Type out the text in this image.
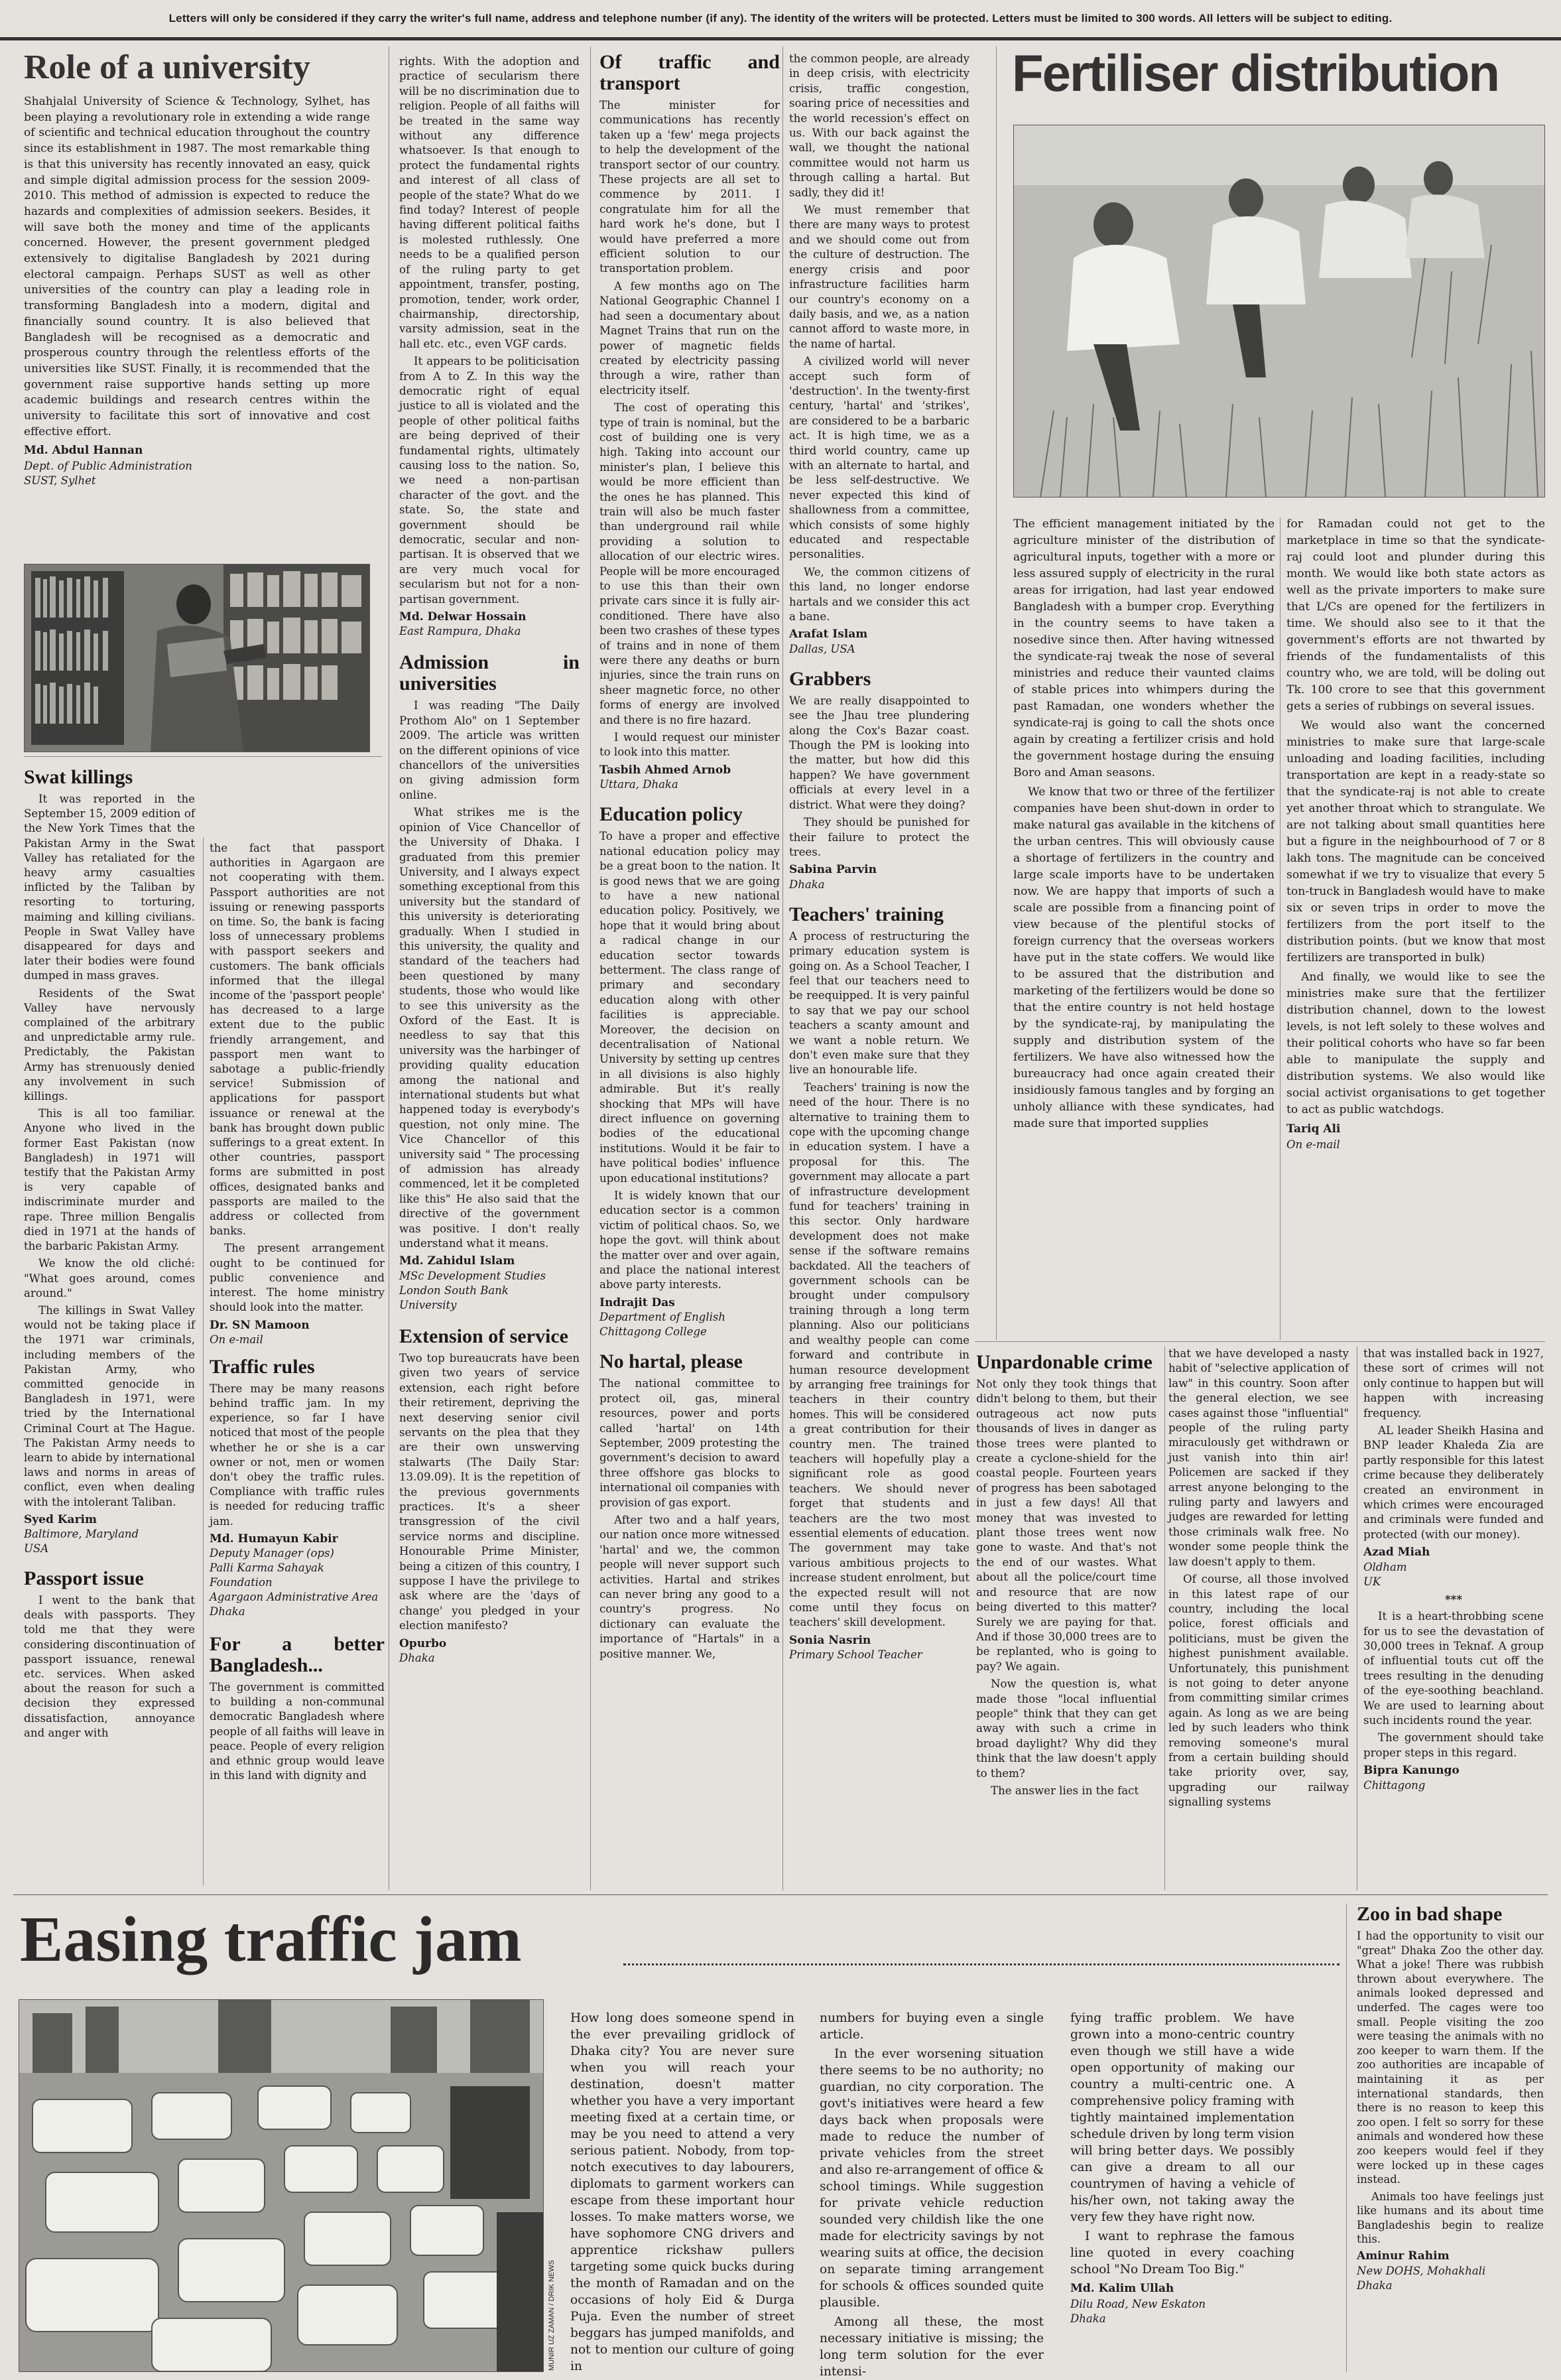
Letters will only be considered if they carry the writer's full name, address and telephone number (if any). The identity of the writers will be protected. Letters must be limited to 300 words. All letters will be subject to editing.
Role of a university

Shahjalal University of Science & Technology, Sylhet, has been playing a revolutionary role in extending a wide range of scientific and technical education throughout the country since its establishment in 1987. The most remarkable thing is that this university has recently innovated an easy, quick and simple digital admission process for the session 2009-2010. This method of admission is expected to reduce the hazards and complexities of admission seekers. Besides, it will save both the money and time of the applicants concerned. However, the present government pledged extensively to digitalise Bangladesh by 2021 during electoral campaign. Perhaps SUST as well as other universities of the country can play a leading role in transforming Bangladesh into a modern, digital and financially sound country. It is also believed that Bangladesh will be recognised as a democratic and prosperous country through the relentless efforts of the universities like SUST. Finally, it is recommended that the government raise supportive hands setting up more academic buildings and research centres within the university to facilitate this sort of innovative and cost effective effort.

Md. Abdul Hannan
Dept. of Public Administration
SUST, Sylhet
Swat killings

It was reported in the September 15, 2009 edition of the New York Times that the Pakistan Army in the Swat Valley has retaliated for the heavy army casualties inflicted by the Taliban by resorting to torturing, maiming and killing civilians. People in Swat Valley have disappeared for days and later their bodies were found dumped in mass graves.

Residents of the Swat Valley have nervously complained of the arbitrary and unpredictable army rule. Predictably, the Pakistan Army has strenuously denied any involvement in such killings.

This is all too familiar. Anyone who lived in the former East Pakistan (now Bangladesh) in 1971 will testify that the Pakistan Army is very capable of indiscriminate murder and rape. Three million Bengalis died in 1971 at the hands of the barbaric Pakistan Army.

We know the old cliché: "What goes around, comes around."

The killings in Swat Valley would not be taking place if the 1971 war criminals, including members of the Pakistan Army, who committed genocide in Bangladesh in 1971, were tried by the International Criminal Court at The Hague. The Pakistan Army needs to learn to abide by international laws and norms in areas of conflict, even when dealing with the intolerant Taliban.

Syed Karim
Baltimore, Maryland
USA
Passport issue

I went to the bank that deals with passports. They told me that they were considering discontinuation of passport issuance, renewal etc. services. When asked about the reason for such a decision they expressed dissatisfaction, annoyance and anger with

the fact that passport authorities in Agargaon are not cooperating with them. Passport authorities are not issuing or renewing passports on time. So, the bank is facing loss of unnecessary problems with passport seekers and customers. The bank officials informed that the illegal income of the 'passport people' has decreased to a large extent due to the public friendly arrangement, and passport men want to sabotage a public-friendly service! Submission of applications for passport issuance or renewal at the bank has brought down public sufferings to a great extent. In other countries, passport forms are submitted in post offices, designated banks and passports are mailed to the address or collected from banks.

The present arrangement ought to be continued for public convenience and interest. The home ministry should look into the matter.

Dr. SN Mamoon
On e-mail
Traffic rules

There may be many reasons behind traffic jam. In my experience, so far I have noticed that most of the people whether he or she is a car owner or not, men or women don't obey the traffic rules. Compliance with traffic rules is needed for reducing traffic jam.

Md. Humayun Kabir
Deputy Manager (ops)
Palli Karma Sahayak
Foundation
Agargaon Administrative Area
Dhaka
For a better Bangladesh...

The government is committed to building a non-communal democratic Bangladesh where people of all faiths will leave in peace. People of every religion and ethnic group would leave in this land with dignity and

rights. With the adoption and practice of secularism there will be no discrimination due to religion. People of all faiths will be treated in the same way without any difference whatsoever. Is that enough to protect the fundamental rights and interest of all class of people of the state? What do we find today? Interest of people having different political faiths is molested ruthlessly. One needs to be a qualified person of the ruling party to get appointment, transfer, posting, promotion, tender, work order, chairmanship, directorship, varsity admission, seat in the hall etc. etc., even VGF cards.

It appears to be politicisation from A to Z. In this way the democratic right of equal justice to all is violated and the people of other political faiths are being deprived of their fundamental rights, ultimately causing loss to the nation. So, we need a non-partisan character of the govt. and the state. So, the state and government should be democratic, secular and non-partisan. It is observed that we are very much vocal for secularism but not for a non-partisan government.

Md. Delwar Hossain
East Rampura, Dhaka
Admission in universities

I was reading "The Daily Prothom Alo" on 1 September 2009. The article was written on the different opinions of vice chancellors of the universities on giving admission form online.

What strikes me is the opinion of Vice Chancellor of the University of Dhaka. I graduated from this premier University, and I always expect something exceptional from this university but the standard of this university is deteriorating gradually. When I studied in this university, the quality and standard of the teachers had been questioned by many students, those who would like to see this university as the Oxford of the East. It is needless to say that this university was the harbinger of providing quality education among the national and international students but what happened today is everybody's question, not only mine. The Vice Chancellor of this university said " The processing of admission has already commenced, let it be completed like this" He also said that the directive of the government was positive. I don't really understand what it means.

Md. Zahidul Islam
MSc Development Studies
London South Bank
University
Extension of service

Two top bureaucrats have been given two years of service extension, each right before their retirement, depriving the next deserving senior civil servants on the plea that they are their own unswerving stalwarts (The Daily Star: 13.09.09). It is the repetition of the previous governments practices. It's a sheer transgression of the civil service norms and discipline. Honourable Prime Minister, being a citizen of this country, I suppose I have the privilege to ask where are the 'days of change' you pledged in your election manifesto?

Opurbo
Dhaka
Of traffic and transport

The minister for communications has recently taken up a 'few' mega projects to help the development of the transport sector of our country. These projects are all set to commence by 2011. I congratulate him for all the hard work he's done, but I would have preferred a more efficient solution to our transportation problem.

A few months ago on The National Geographic Channel I had seen a documentary about Magnet Trains that run on the power of magnetic fields created by electricity passing through a wire, rather than electricity itself.

The cost of operating this type of train is nominal, but the cost of building one is very high. Taking into account our minister's plan, I believe this would be more efficient than the ones he has planned. This train will also be much faster than underground rail while providing a solution to allocation of our electric wires. People will be more encouraged to use this than their own private cars since it is fully air-conditioned. There have also been two crashes of these types of trains and in none of them were there any deaths or burn injuries, since the train runs on sheer magnetic force, no other forms of energy are involved and there is no fire hazard.

I would request our minister to look into this matter.

Tasbih Ahmed Arnob
Uttara, Dhaka
Education policy

To have a proper and effective national education policy may be a great boon to the nation. It is good news that we are going to have a new national education policy. Positively, we hope that it would bring about a radical change in our education sector towards betterment. The class range of primary and secondary education along with other facilities is appreciable. Moreover, the decision on decentralisation of National University by setting up centres in all divisions is also highly admirable. But it's really shocking that MPs will have direct influence on governing bodies of the educational institutions. Would it be fair to have political bodies' influence upon educational institutions?

It is widely known that our education sector is a common victim of political chaos. So, we hope the govt. will think about the matter over and over again, and place the national interest above party interests.

Indrajit Das
Department of English
Chittagong College
No hartal, please

The national committee to protect oil, gas, mineral resources, power and ports called 'hartal' on 14th September, 2009 protesting the government's decision to award three offshore gas blocks to international oil companies with provision of gas export.

After two and a half years, our nation once more witnessed 'hartal' and we, the common people will never support such activities. Hartal and strikes can never bring any good to a country's progress. No dictionary can evaluate the importance of "Hartals" in a positive manner. We,

the common people, are already in deep crisis, with electricity crisis, traffic congestion, soaring price of necessities and the world recession's effect on us. With our back against the wall, we thought the national committee would not harm us through calling a hartal. But sadly, they did it!

We must remember that there are many ways to protest and we should come out from the culture of destruction. The energy crisis and poor infrastructure facilities harm our country's economy on a daily basis, and we, as a nation cannot afford to waste more, in the name of hartal.

A civilized world will never accept such form of 'destruction'. In the twenty-first century, 'hartal' and 'strikes', are considered to be a barbaric act. It is high time, we as a third world country, came up with an alternate to hartal, and be less self-destructive. We never expected this kind of shallowness from a committee, which consists of some highly educated and respectable personalities.

We, the common citizens of this land, no longer endorse hartals and we consider this act a bane.

Arafat Islam
Dallas, USA
Grabbers

We are really disappointed to see the Jhau tree plundering along the Cox's Bazar coast. Though the PM is looking into the matter, but how did this happen? We have government officials at every level in a district. What were they doing?

They should be punished for their failure to protect the trees.

Sabina Parvin
Dhaka
Teachers' training

A process of restructuring the primary education system is going on. As a School Teacher, I feel that our teachers need to be reequipped. It is very painful to say that we pay our school teachers a scanty amount and we want a noble return. We don't even make sure that they live an honourable life.

Teachers' training is now the need of the hour. There is no alternative to training them to cope with the upcoming change in education system. I have a proposal for this. The government may allocate a part of infrastructure development fund for teachers' training in this sector. Only hardware development does not make sense if the software remains backdated. All the teachers of government schools can be brought under compulsory training through a long term planning. Also our politicians and wealthy people can come forward and contribute in human resource development by arranging free trainings for teachers in their country homes. This will be considered a great contribution for their country men. The trained teachers will hopefully play a significant role as good teachers. We should never forget that students and teachers are the two most essential elements of education. The government may take various ambitious projects to increase student enrolment, but the expected result will not come until they focus on teachers' skill development.

Sonia Nasrin
Primary School Teacher
Fertiliser distribution

The efficient management initiated by the agriculture minister of the distribution of agricultural inputs, together with a more or less assured supply of electricity in the rural areas for irrigation, had last year endowed Bangladesh with a bumper crop. Everything in the country seems to have taken a nosedive since then. After having witnessed the syndicate-raj tweak the nose of several ministries and reduce their vaunted claims of stable prices into whimpers during the past Ramadan, one wonders whether the syndicate-raj is going to call the shots once again by creating a fertilizer crisis and hold the government hostage during the ensuing Boro and Aman seasons.

We know that two or three of the fertilizer companies have been shut-down in order to make natural gas available in the kitchens of the urban centres. This will obviously cause a shortage of fertilizers in the country and large scale imports have to be undertaken now. We are happy that imports of such a scale are possible from a financing point of view because of the plentiful stocks of foreign currency that the overseas workers have put in the state coffers. We would like to be assured that the distribution and marketing of the fertilizers would be done so that the entire country is not held hostage by the syndicate-raj, by manipulating the supply and distribution system of the fertilizers. We have also witnessed how the bureaucracy had once again created their insidiously famous tangles and by forging an unholy alliance with these syndicates, had made sure that imported supplies

for Ramadan could not get to the marketplace in time so that the syndicate-raj could loot and plunder during this month. We would like both state actors as well as the private importers to make sure that L/Cs are opened for the fertilizers in time. We should also see to it that the government's efforts are not thwarted by friends of the fundamentalists of this country who, we are told, will be doling out Tk. 100 crore to see that this government gets a series of rubbings on several issues.

We would also want the concerned ministries to make sure that large-scale unloading and loading facilities, including transportation are kept in a ready-state so that the syndicate-raj is not able to create yet another throat which to strangulate. We are not talking about small quantities here but a figure in the neighbourhood of 7 or 8 lakh tons. The magnitude can be conceived somewhat if we try to visualize that every 5 ton-truck in Bangladesh would have to make six or seven trips in order to move the fertilizers from the port itself to the distribution points. (but we know that most fertilizers are transported in bulk)

And finally, we would like to see the ministries make sure that the fertilizer distribution channel, down to the lowest levels, is not left solely to these wolves and their political cohorts who have so far been able to manipulate the supply and distribution systems. We also would like social activist organisations to get together to act as public watchdogs.

Tariq Ali
On e-mail
Unpardonable crime

Not only they took things that didn't belong to them, but their outrageous act now puts thousands of lives in danger as those trees were planted to create a cyclone-shield for the coastal people. Fourteen years of progress has been sabotaged in just a few days! All that money that was invested to plant those trees went now gone to waste. And that's not the end of our wastes. What about all the police/court time and resource that are now being diverted to this matter? Surely we are paying for that. And if those 30,000 trees are to be replanted, who is going to pay? We again.

Now the question is, what made those "local influential people" think that they can get away with such a crime in broad daylight? Why did they think that the law doesn't apply to them?

The answer lies in the fact

that we have developed a nasty habit of "selective application of law" in this country. Soon after the general election, we see cases against those "influential" people of the ruling party miraculously get withdrawn or just vanish into thin air! Policemen are sacked if they arrest anyone belonging to the ruling party and lawyers and judges are rewarded for letting those criminals walk free. No wonder some people think the law doesn't apply to them.

Of course, all those involved in this latest rape of our country, including the local police, forest officials and politicians, must be given the highest punishment available. Unfortunately, this punishment is not going to deter anyone from committing similar crimes again. As long as we are being led by such leaders who think removing someone's mural from a certain building should take priority over, say, upgrading our railway signalling systems

that was installed back in 1927, these sort of crimes will not only continue to happen but will happen with increasing frequency.

AL leader Sheikh Hasina and BNP leader Khaleda Zia are partly responsible for this latest crime because they deliberately created an environment in which crimes were encouraged and criminals were funded and protected (with our money).

Azad Miah
Oldham
UK
***

It is a heart-throbbing scene for us to see the devastation of 30,000 trees in Teknaf. A group of influential touts cut off the trees resulting in the denuding of the eye-soothing beachland. We are used to learning about such incidents round the year.

The government should take proper steps in this regard.

Bipra Kanungo
Chittagong
Easing traffic jam
MUNIR UZ ZAMAN / DRIK NEWS

How long does someone spend in the ever prevailing gridlock of Dhaka city? You are never sure when you will reach your destination, doesn't matter whether you have a very important meeting fixed at a certain time, or may be you need to attend a very serious patient. Nobody, from top-notch executives to day labourers, diplomats to garment workers can escape from these important hour losses. To make matters worse, we have sophomore CNG drivers and apprentice rickshaw pullers targeting some quick bucks during the month of Ramadan and on the occasions of holy Eid & Durga Puja. Even the number of street beggars has jumped manifolds, and not to mention our culture of going in

numbers for buying even a single article.

In the ever worsening situation there seems to be no authority; no guardian, no city corporation. The govt's initiatives were heard a few days back when proposals were made to reduce the number of private vehicles from the street and also re-arrangement of office & school timings. While suggestion for private vehicle reduction sounded very childish like the one made for electricity savings by not wearing suits at office, the decision on separate timing arrangement for schools & offices sounded quite plausible.

Among all these, the most necessary initiative is missing; the long term solution for the ever intensi-

fying traffic problem. We have grown into a mono-centric country even though we still have a wide open opportunity of making our country a multi-centric one. A comprehensive policy framing with tightly maintained implementation schedule driven by long term vision will bring better days. We possibly can give a dream to all our countrymen of having a vehicle of his/her own, not taking away the very few they have right now.

I want to rephrase the famous line quoted in every coaching school "No Dream Too Big."

Md. Kalim Ullah
Dilu Road, New Eskaton
Dhaka
Zoo in bad shape

I had the opportunity to visit our "great" Dhaka Zoo the other day. What a joke! There was rubbish thrown about everywhere. The animals looked depressed and underfed. The cages were too small. People visiting the zoo were teasing the animals with no zoo keeper to warn them. If the zoo authorities are incapable of maintaining it as per international standards, then there is no reason to keep this zoo open. I felt so sorry for these animals and wondered how these zoo keepers would feel if they were locked up in these cages instead.

Animals too have feelings just like humans and its about time Bangladeshis begin to realize this.

Aminur Rahim
New DOHS, Mohakhali
Dhaka
